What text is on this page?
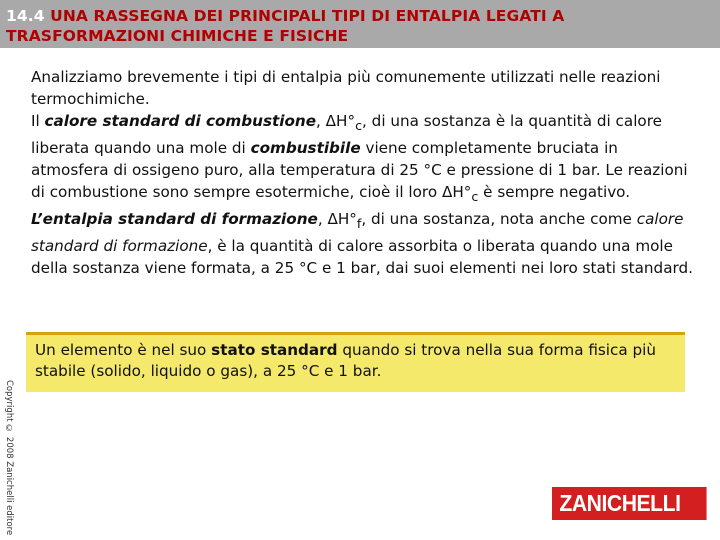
14.4 UNA RASSEGNA DEI PRINCIPALI TIPI DI ENTALPIA LEGATI A
TRASFORMAZIONI CHIMICHE E FISICHE

Analizziamo brevemente i tipi di entalpia più comunemente utilizzati nelle reazioni termochimiche.

Il calore standard di combustione, $\Delta H^\circ_c$, di una sostanza è la quantità di calore liberata quando una mole di combustibile viene completamente bruciata in atmosfera di ossigeno puro, alla temperatura di 25 °C e pressione di 1 bar. Le reazioni di combustione sono sempre esotermiche, cioè il loro $\Delta H^\circ_c$ è sempre negativo.

L’entalpia standard di formazione, $\Delta H^\circ_f$, di una sostanza, nota anche come calore standard di formazione, è la quantità di calore assorbita o liberata quando una mole della sostanza viene formata, a 25 °C e 1 bar, dai suoi elementi nei loro stati standard.

Un elemento è nel suo stato standard quando si trova nella sua forma fisica più stabile (solido, liquido o gas), a 25 °C e 1 bar.
Copyright © 2008 Zanichelli editore	ZANICHELLI
